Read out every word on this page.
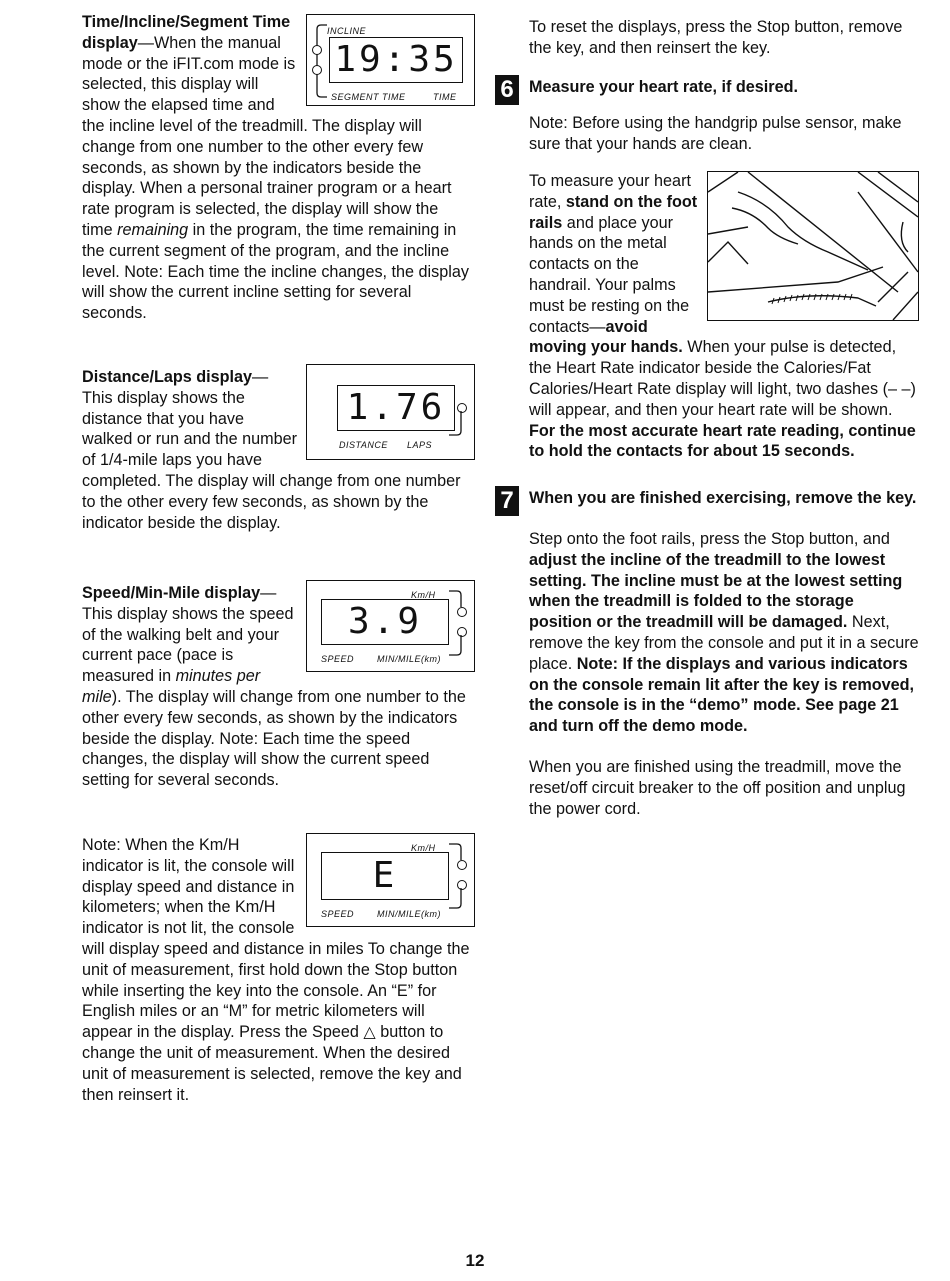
INCLINE
19:35
SEGMENT TIME	TIME

Time/Incline/Segment Time display—When the manual mode or the iFIT.com mode is selected, this display will show the elapsed time and the incline level of the treadmill. The display will change from one number to the other every few seconds, as shown by the indicators beside the display. When a personal trainer program or a heart rate program is selected, the display will show the time remaining in the program, the time remaining in the current segment of the program, and the incline level. Note: Each time the incline changes, the display will show the current incline setting for several seconds.

1.76
DISTANCE LAPS

Distance/Laps display—This display shows the distance that you have walked or run and the number of 1/4-mile laps you have completed. The display will change from one number to the other every few seconds, as shown by the indicator beside the display.

Km/H
3.9
SPEED	MIN/MILE(km)

Speed/Min-Mile display—This display shows the speed of the walking belt and your current pace (pace is measured in minutes per mile). The display will change from one number to the other every few seconds, as shown by the indicators beside the display. Note: Each time the speed changes, the display will show the current speed setting for several seconds.

Km/H
E
SPEED	MIN/MILE(km)

Note: When the Km/H indicator is lit, the console will display speed and distance in kilometers; when the Km/H indicator is not lit, the console will display speed and distance in miles To change the unit of measurement, first hold down the Stop button while inserting the key into the console. An “E” for English miles or an “M” for metric kilometers will appear in the display. Press the Speed △ button to change the unit of measurement. When the desired unit of measurement is selected, remove the key and then reinsert it.

To reset the displays, press the Stop button, remove the key, and then reinsert the key.

6 Measure your heart rate, if desired.

Note: Before using the handgrip pulse sensor, make sure that your hands are clean.

To measure your heart rate, stand on the foot rails and place your hands on the metal contacts on the handrail. Your palms must be resting on the contacts—avoid moving your hands. When your pulse is detected, the Heart Rate indicator beside the Calories/Fat Calories/Heart Rate display will light, two dashes (– –) will appear, and then your heart rate will be shown. For the most accurate heart rate reading, continue to hold the contacts for about 15 seconds.

7 When you are finished exercising, remove the key.

Step onto the foot rails, press the Stop button, and adjust the incline of the treadmill to the lowest setting. The incline must be at the lowest setting when the treadmill is folded to the storage position or the treadmill will be damaged. Next, remove the key from the console and put it in a secure place. Note: If the displays and various indicators on the console remain lit after the key is removed, the console is in the “demo” mode. See page 21 and turn off the demo mode.

When you are finished using the treadmill, move the reset/off circuit breaker to the off position and unplug the power cord.

12
